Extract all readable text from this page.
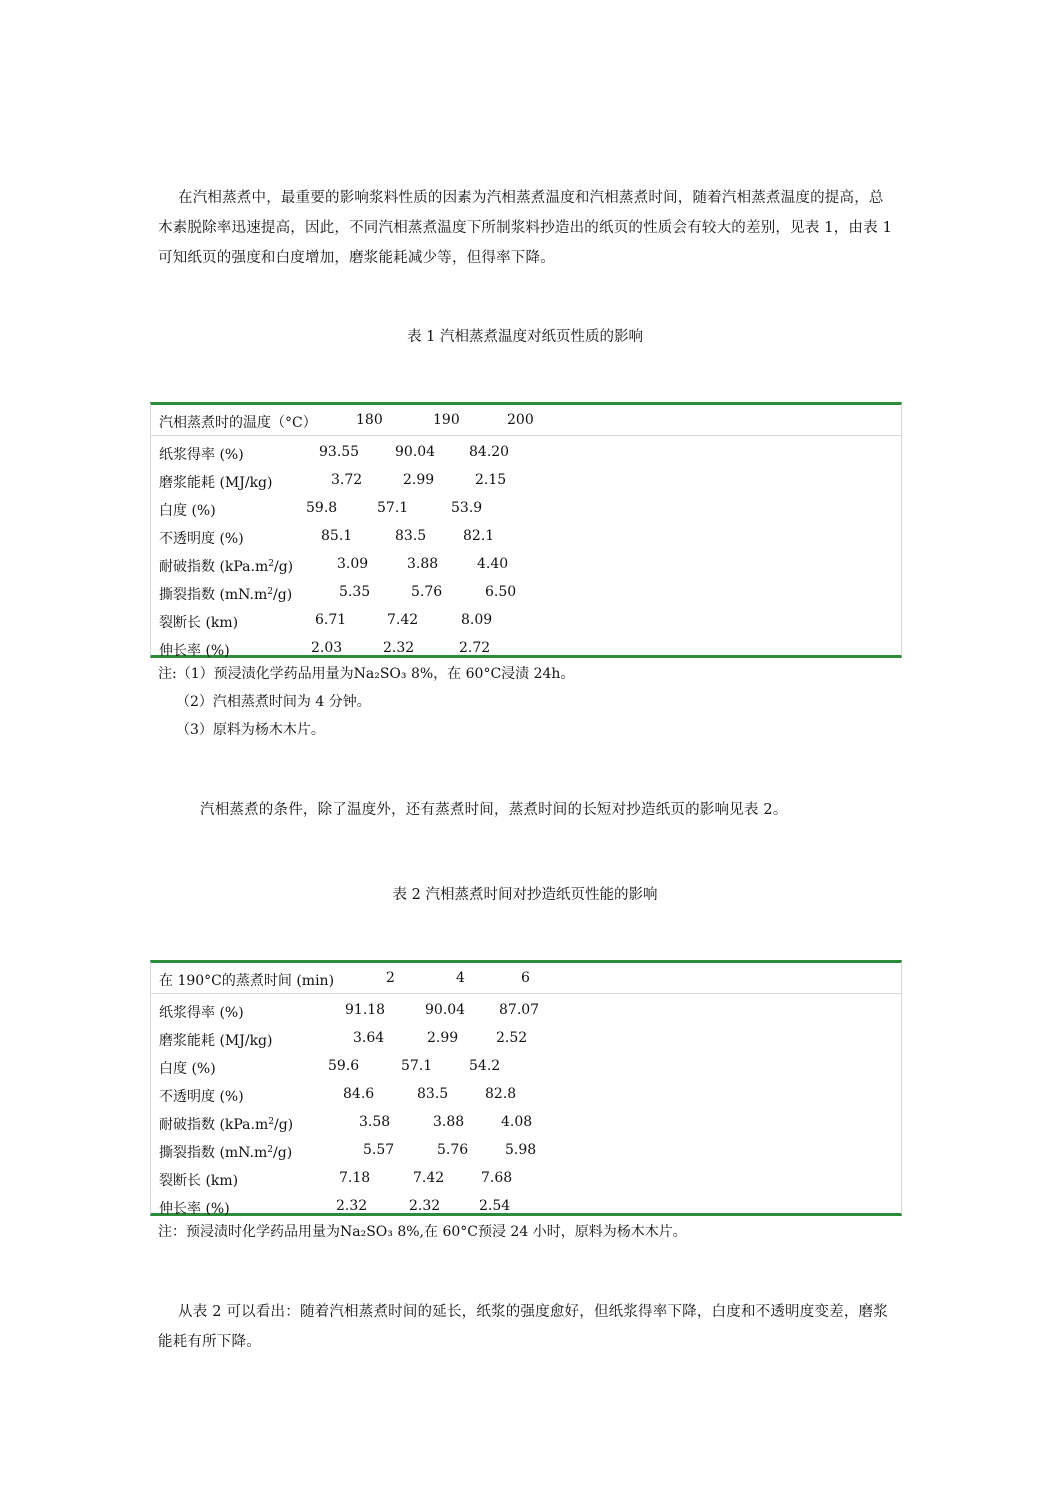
在汽相蒸煮中，最重要的影响浆料性质的因素为汽相蒸煮温度和汽相蒸煮时间，随着汽相蒸煮温度的提高，总木素脱除率迅速提高，因此，不同汽相蒸煮温度下所制浆料抄造出的纸页的性质会有较大的差别，见表 1，由表 1 可知纸页的强度和白度增加，磨浆能耗减少等，但得率下降。

表 1 汽相蒸煮温度对纸页性质的影响

汽相蒸煮时的温度（°C）	180	190	200
纸浆得率 (%)	93.55	90.04 84.20
磨浆能耗 (MJ/kg)	3.72	2.99	2.15
白度 (%)	59.8	57.1	53.9
不透明度 (%)	85.1	83.5	82.1
耐破指数 $(kPa.m^2/g)$	3.09	3.88	4.40
撕裂指数 $(mN.m^2/g)$	5.35	5.76	6.50
裂断长 (km)	6.71	7.42	8.09
伸长率 (%)	2.03	2.32	2.72

注:（1）预浸渍化学药品用量为Na₂SO₃ 8%，在 60°C浸渍 24h。

（2）汽相蒸煮时间为 4 分钟。

（3）原料为杨木木片。

汽相蒸煮的条件，除了温度外，还有蒸煮时间，蒸煮时间的长短对抄造纸页的影响见表 2。

表 2 汽相蒸煮时间对抄造纸页性能的影响

在 190°C的蒸煮时间 (min)	2	4	6
纸浆得率 (%)	91.18	90.04 87.07
磨浆能耗 (MJ/kg)	3.64	2.99	2.52
白度 (%)	59.6	57.1	54.2
不透明度 (%)	84.6	83.5	82.8
耐破指数 $(kPa.m^2/g)$	3.58	3.88	4.08
撕裂指数 $(mN.m^2/g)$	5.57	5.76	5.98
裂断长 (km)	7.18	7.42	7.68
伸长率 (%)	2.32	2.32	2.54

注：预浸渍时化学药品用量为Na₂SO₃ 8%,在 60°C预浸 24 小时，原料为杨木木片。

从表 2 可以看出：随着汽相蒸煮时间的延长，纸浆的强度愈好，但纸浆得率下降，白度和不透明度变差，磨浆能耗有所下降。
